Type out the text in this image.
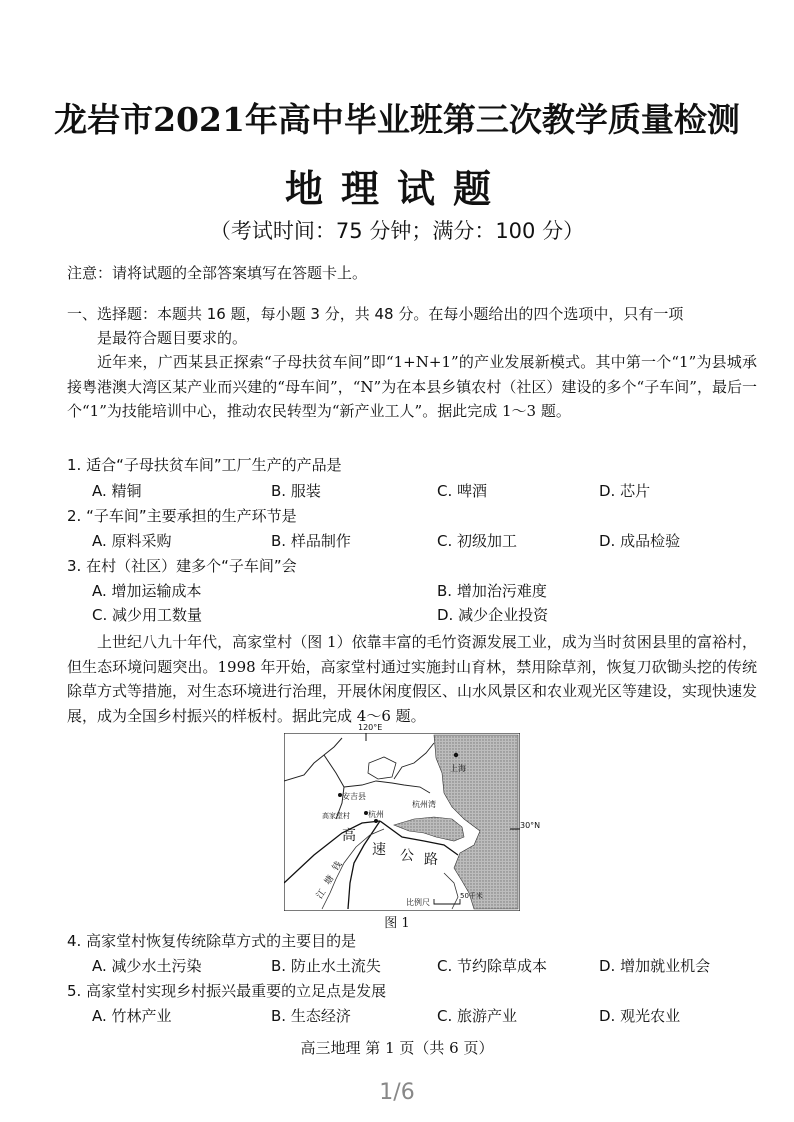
龙岩市2021年高中毕业班第三次教学质量检测
地理试题
（考试时间：75 分钟；满分：100 分）
注意：请将试题的全部答案填写在答题卡上。
一、选择题：本题共 16 题，每小题 3 分，共 48 分。在每小题给出的四个选项中，只有一项
是最符合题目要求的。
近年来，广西某县正探索“子母扶贫车间”即“1+N+1”的产业发展新模式。其中第一个“1”为县城承接粤港澳大湾区某产业而兴建的“母车间”，“N”为在本县乡镇农村（社区）建设的多个“子车间”，最后一个“1”为技能培训中心，推动农民转型为“新产业工人”。据此完成 1～3 题。
1. 适合“子母扶贫车间”工厂生产的产品是
A. 精铜	B. 服装	C. 啤酒	D. 芯片
2. “子车间”主要承担的生产环节是
A. 原料采购	B. 样品制作	C. 初级加工	D. 成品检验
3. 在村（社区）建多个“子车间”会
A. 增加运输成本	B. 增加治污难度
C. 减少用工数量	D. 减少企业投资
上世纪八九十年代，高家堂村（图 1）依靠丰富的毛竹资源发展工业，成为当时贫困县里的富裕村，但生态环境问题突出。1998 年开始，高家堂村通过实施封山育林，禁用除草剂，恢复刀砍锄头挖的传统除草方式等措施，对生态环境进行治理，开展休闲度假区、山水风景区和农业观光区等建设，实现快速发展，成为全国乡村振兴的样板村。据此完成 4～6 题。
120°E
30°N
上海
安吉县
高家堂村 杭州
杭州湾
高
速 公 路
钱
塘
江
比例尺
50千米
图 1
4. 高家堂村恢复传统除草方式的主要目的是
A. 减少水土污染	B. 防止水土流失	C. 节约除草成本	D. 增加就业机会
5. 高家堂村实现乡村振兴最重要的立足点是发展
A. 竹林产业	B. 生态经济	C. 旅游产业	D. 观光农业
高三地理 第 1 页（共 6 页）
1/6
